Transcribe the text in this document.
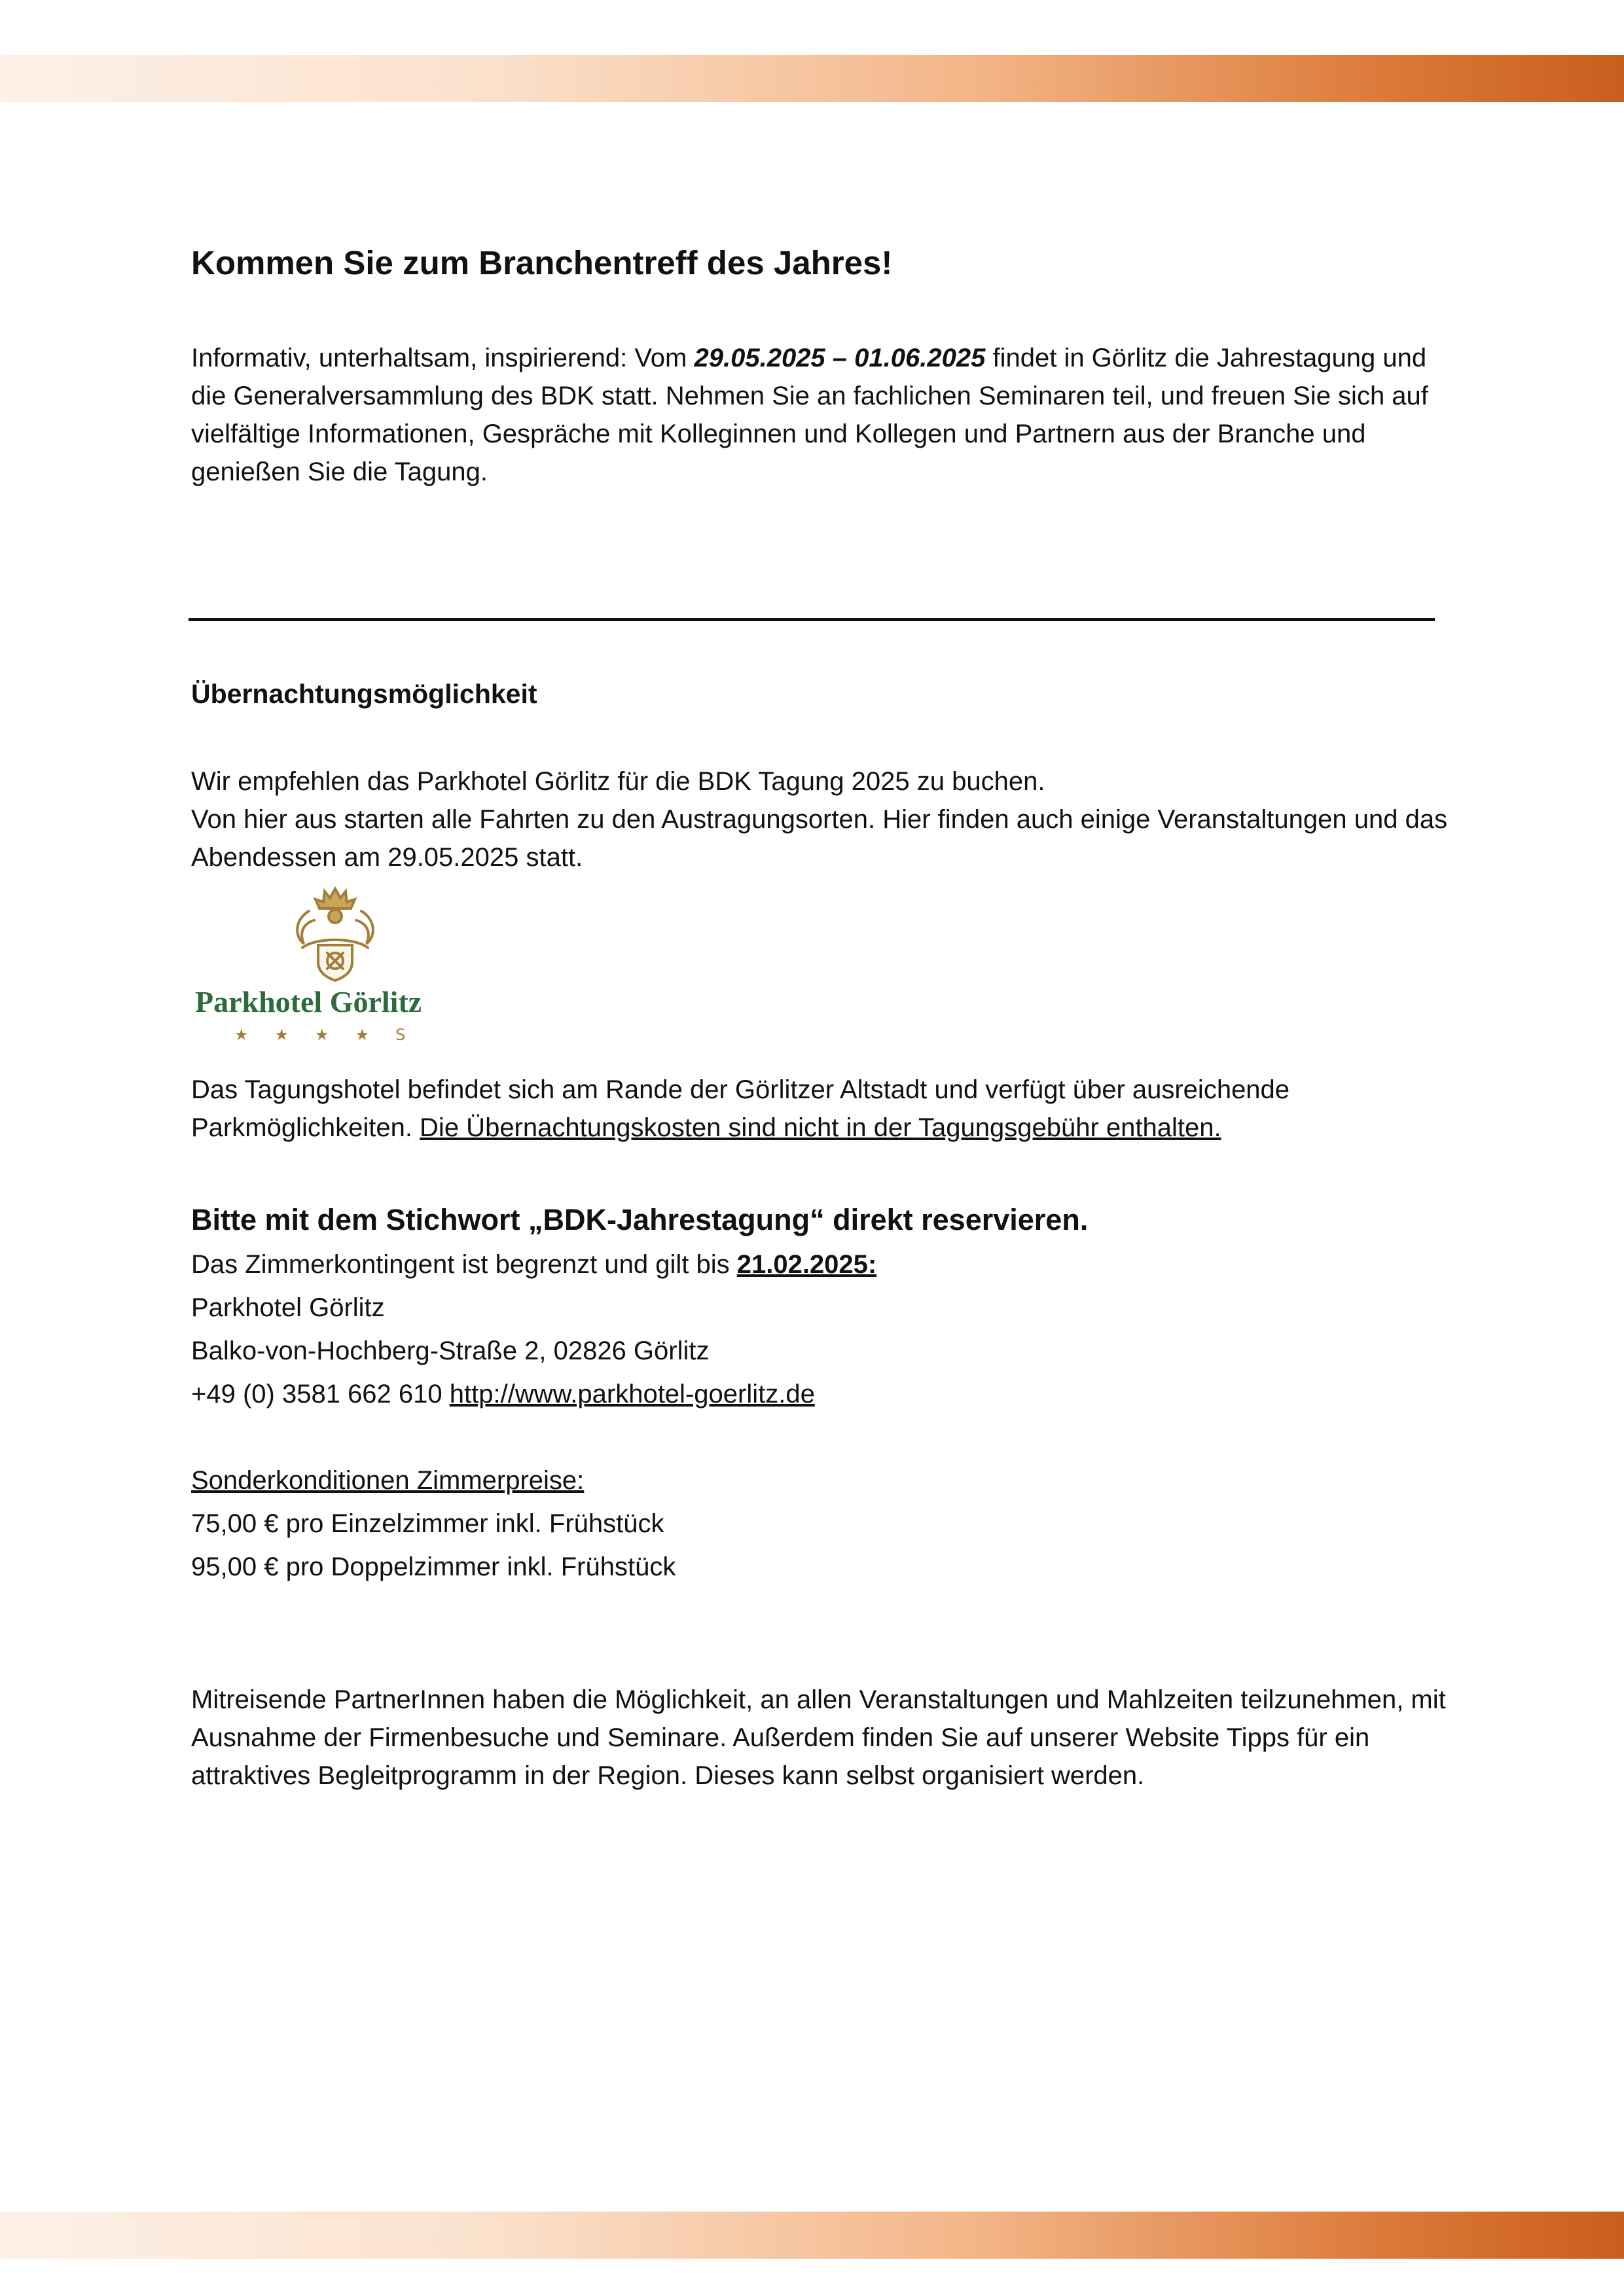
Kommen Sie zum Branchentreff des Jahres!

Informativ, unterhaltsam, inspirierend: Vom 29.05.2025 – 01.06.2025 findet in Görlitz die Jahrestagung und die Generalversammlung des BDK statt. Nehmen Sie an fachlichen Seminaren teil, und freuen Sie sich auf vielfältige Informationen, Gespräche mit Kolleginnen und Kollegen und Partnern aus der Branche und genießen Sie die Tagung.

Übernachtungsmöglichkeit
Wir empfehlen das Parkhotel Görlitz für die BDK Tagung 2025 zu buchen.
Von hier aus starten alle Fahrten zu den Austragungsorten. Hier finden auch einige Veranstaltungen und das Abendessen am 29.05.2025 statt.

Parkhotel Görlitz

★★★★S

Das Tagungshotel befindet sich am Rande der Görlitzer Altstadt und verfügt über ausreichende Parkmöglichkeiten. Die Übernachtungskosten sind nicht in der Tagungsgebühr enthalten.

Bitte mit dem Stichwort „BDK-Jahrestagung“ direkt reservieren.

Das Zimmerkontingent ist begrenzt und gilt bis 21.02.2025:

Parkhotel Görlitz

Balko-von-Hochberg-Straße 2, 02826 Görlitz

+49 (0) 3581 662 610 http://www.parkhotel-goerlitz.de

Sonderkonditionen Zimmerpreise:

75,00 € pro Einzelzimmer inkl. Frühstück

95,00 € pro Doppelzimmer inkl. Frühstück

Mitreisende PartnerInnen haben die Möglichkeit, an allen Veranstaltungen und Mahlzeiten teilzunehmen, mit Ausnahme der Firmenbesuche und Seminare. Außerdem finden Sie auf unserer Website Tipps für ein attraktives Begleitprogramm in der Region. Dieses kann selbst organisiert werden.
